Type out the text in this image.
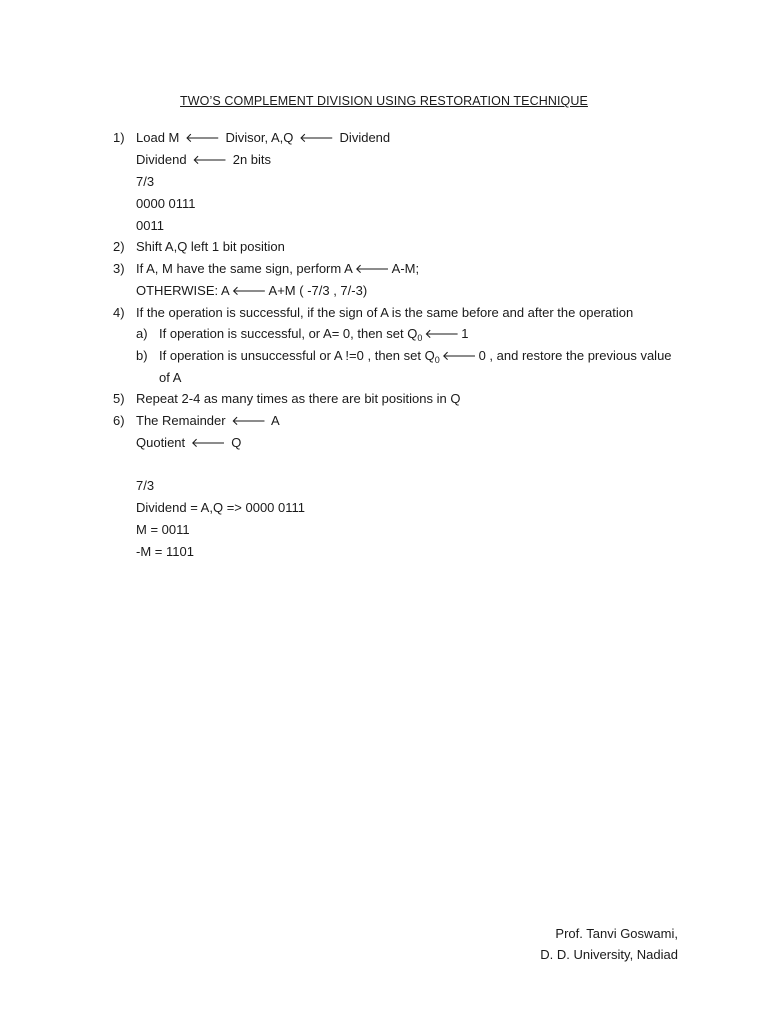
TWO’S COMPLEMENT DIVISION USING RESTORATION TECHNIQUE
1) Load M 🡐 Divisor, A,Q 🡐 Dividend
Dividend 🡐 2n bits
7/3
0000 0111
0011
2) Shift A,Q left 1 bit position
3) If A, M have the same sign, perform A 🡐 A-M;
OTHERWISE: A 🡐 A+M ( -7/3 , 7/-3)
4) If the operation is successful, if the sign of A is the same before and after the operation
a) If operation is successful, or A= 0, then set $Q_0$ 🡐 1
b) If operation is unsuccessful or A !=0 , then set $Q_0$ 🡐 0 , and restore the previous value
of A
5) Repeat 2-4 as many times as there are bit positions in Q
6) The Remainder 🡐 A
Quotient 🡐 Q
7/3
Dividend = A,Q => 0000 0111
M = 0011
-M = 1101
Prof. Tanvi Goswami,
D. D. University, Nadiad
